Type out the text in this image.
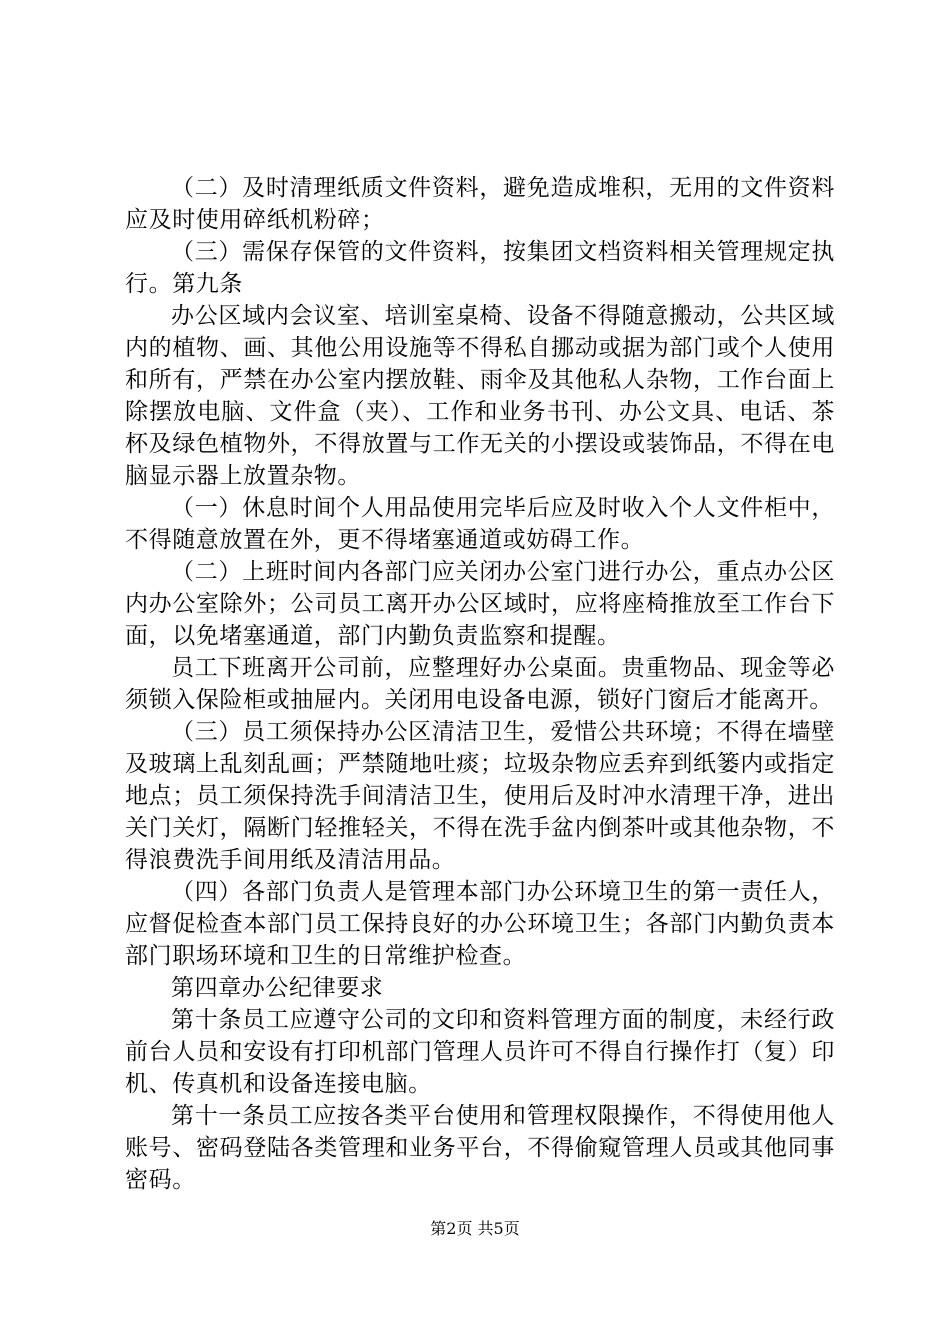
（二）及时清理纸质文件资料，避免造成堆积，无用的文件资料应及时使用碎纸机粉碎；

（三）需保存保管的文件资料，按集团文档资料相关管理规定执行。第九条

办公区域内会议室、培训室桌椅、设备不得随意搬动，公共区域内的植物、画、其他公用设施等不得私自挪动或据为部门或个人使用和所有，严禁在办公室内摆放鞋、雨伞及其他私人杂物，工作台面上除摆放电脑、文件盒（夹）、工作和业务书刊、办公文具、电话、茶杯及绿色植物外，不得放置与工作无关的小摆设或装饰品，不得在电脑显示器上放置杂物。

（一）休息时间个人用品使用完毕后应及时收入个人文件柜中，不得随意放置在外，更不得堵塞通道或妨碍工作。

（二）上班时间内各部门应关闭办公室门进行办公，重点办公区内办公室除外；公司员工离开办公区域时，应将座椅推放至工作台下面，以免堵塞通道，部门内勤负责监察和提醒。

员工下班离开公司前，应整理好办公桌面。贵重物品、现金等必须锁入保险柜或抽屉内。关闭用电设备电源，锁好门窗后才能离开。

（三）员工须保持办公区清洁卫生，爱惜公共环境；不得在墙壁及玻璃上乱刻乱画；严禁随地吐痰；垃圾杂物应丢弃到纸篓内或指定地点；员工须保持洗手间清洁卫生，使用后及时冲水清理干净，进出关门关灯，隔断门轻推轻关，不得在洗手盆内倒茶叶或其他杂物，不得浪费洗手间用纸及清洁用品。

（四）各部门负责人是管理本部门办公环境卫生的第一责任人，应督促检查本部门员工保持良好的办公环境卫生；各部门内勤负责本部门职场环境和卫生的日常维护检查。

第四章办公纪律要求

第十条员工应遵守公司的文印和资料管理方面的制度，未经行政前台人员和安设有打印机部门管理人员许可不得自行操作打（复）印机、传真机和设备连接电脑。

第十一条员工应按各类平台使用和管理权限操作，不得使用他人账号、密码登陆各类管理和业务平台，不得偷窥管理人员或其他同事密码。

第2页 共5页
